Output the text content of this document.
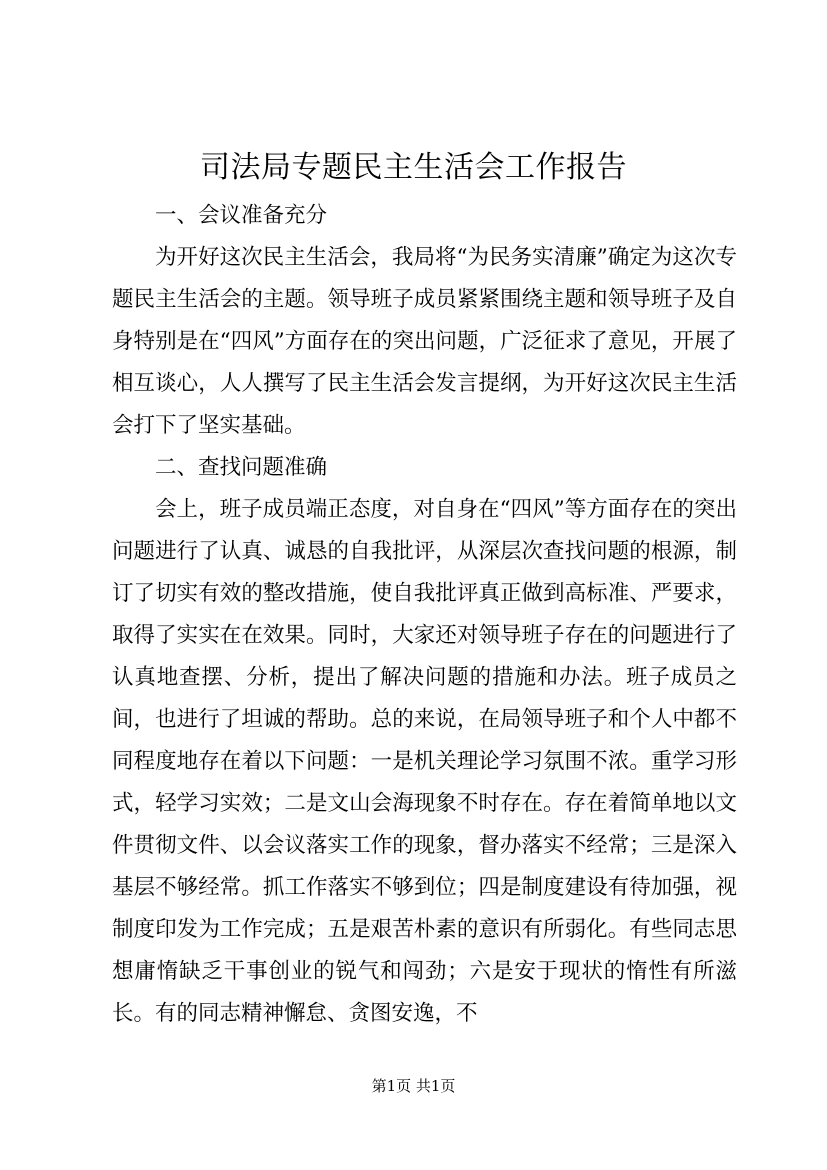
司法局专题民主生活会工作报告

一、会议准备充分

为开好这次民主生活会，我局将“为民务实清廉”确定为这次专题民主生活会的主题。领导班子成员紧紧围绕主题和领导班子及自身特别是在“四风”方面存在的突出问题，广泛征求了意见，开展了相互谈心，人人撰写了民主生活会发言提纲，为开好这次民主生活会打下了坚实基础。

二、查找问题准确

会上，班子成员端正态度，对自身在“四风”等方面存在的突出问题进行了认真、诚恳的自我批评，从深层次查找问题的根源，制订了切实有效的整改措施，使自我批评真正做到高标准、严要求，取得了实实在在效果。同时，大家还对领导班子存在的问题进行了认真地查摆、分析，提出了解决问题的措施和办法。班子成员之间，也进行了坦诚的帮助。总的来说，在局领导班子和个人中都不同程度地存在着以下问题：一是机关理论学习氛围不浓。重学习形式，轻学习实效；二是文山会海现象不时存在。存在着简单地以文件贯彻文件、以会议落实工作的现象，督办落实不经常；三是深入基层不够经常。抓工作落实不够到位；四是制度建设有待加强，视制度印发为工作完成；五是艰苦朴素的意识有所弱化。有些同志思想庸惰缺乏干事创业的锐气和闯劲；六是安于现状的惰性有所滋长。有的同志精神懈怠、贪图安逸，不

第1页 共1页
